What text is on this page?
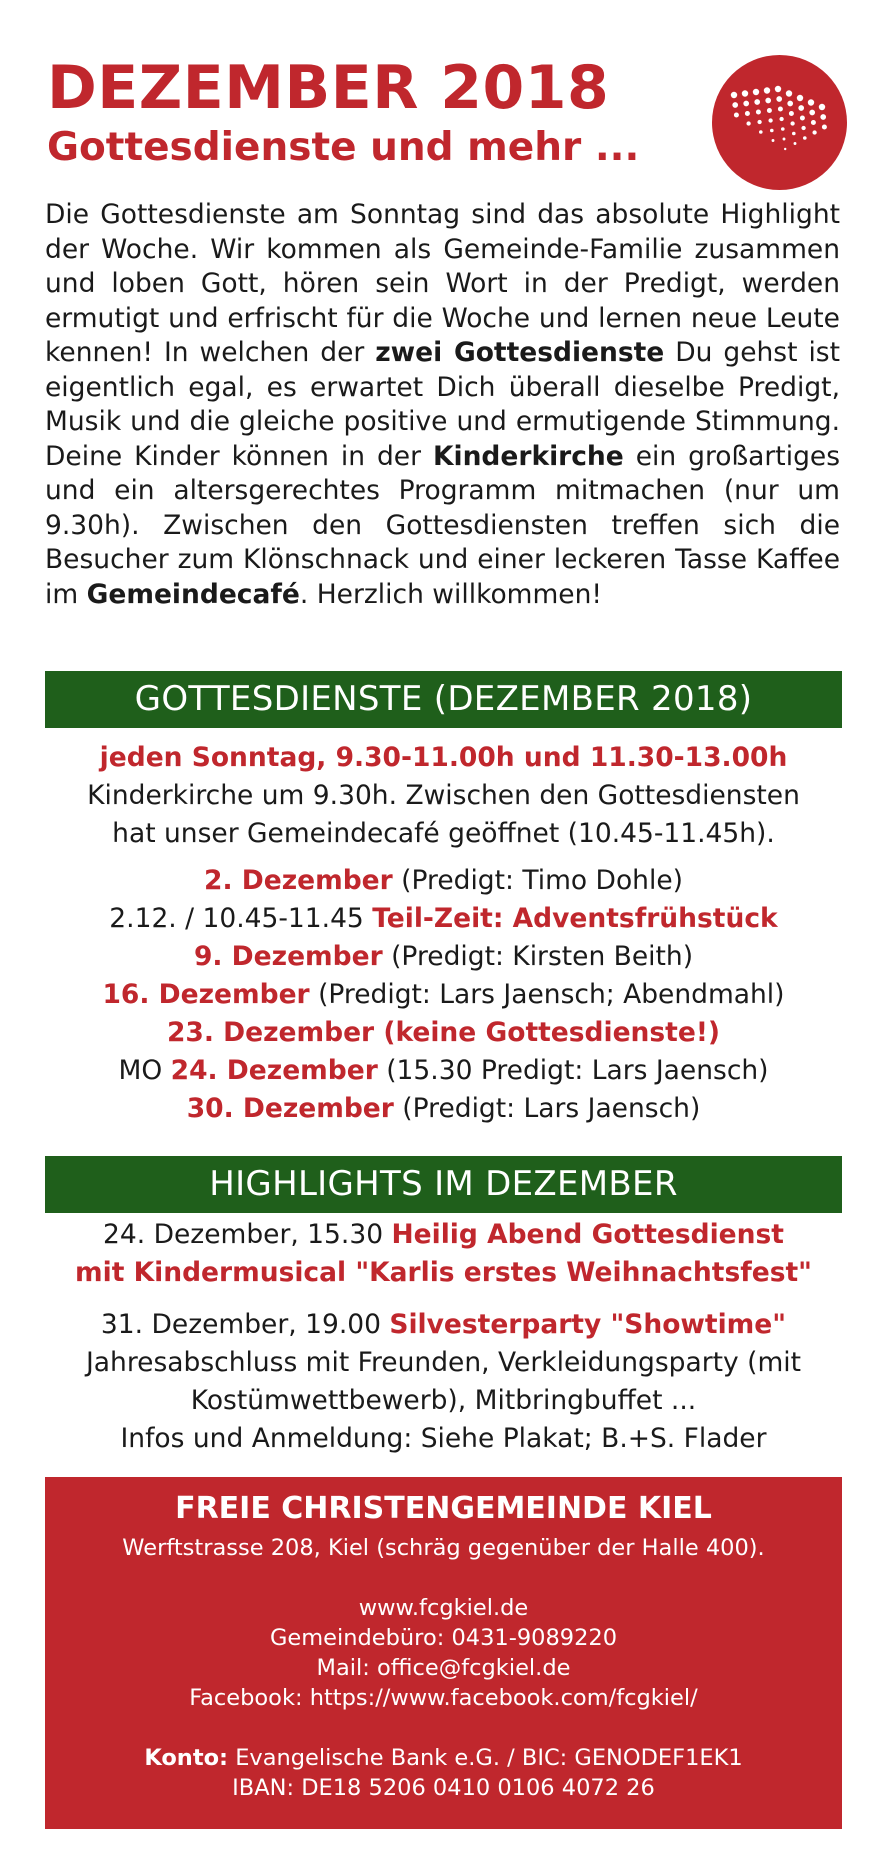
DEZEMBER 2018
Gottesdienste und mehr ...
Die Gottesdienste am Sonntag sind das absolute Highlight der Woche. Wir kommen als Gemeinde-Familie zusammen und loben Gott, hören sein Wort in der Predigt, werden ermutigt und erfrischt für die Woche und lernen neue Leute kennen! In welchen der zwei Gottesdienste Du gehst ist eigentlich egal, es erwartet Dich überall dieselbe Predigt, Musik und die gleiche positive und ermutigende Stimmung. Deine Kinder können in der Kinderkirche ein großartiges und ein altersgerechtes Programm mitmachen (nur um 9.30h). Zwischen den Gottesdiensten treffen sich die Besucher zum Klönschnack und einer leckeren Tasse Kaffee im Gemeindecafé. Herzlich willkommen!
GOTTESDIENSTE (DEZEMBER 2018)
jeden Sonntag, 9.30-11.00h und 11.30-13.00h
Kinderkirche um 9.30h. Zwischen den Gottesdiensten
hat unser Gemeindecafé geöffnet (10.45-11.45h).
2. Dezember (Predigt: Timo Dohle)
2.12. / 10.45-11.45 Teil-Zeit: Adventsfrühstück
9. Dezember (Predigt: Kirsten Beith)
16. Dezember (Predigt: Lars Jaensch; Abendmahl)
23. Dezember (keine Gottesdienste!)
MO 24. Dezember (15.30 Predigt: Lars Jaensch)
30. Dezember (Predigt: Lars Jaensch)
HIGHLIGHTS IM DEZEMBER
24. Dezember, 15.30 Heilig Abend Gottesdienst
mit Kindermusical "Karlis erstes Weihnachtsfest"
31. Dezember, 19.00 Silvesterparty "Showtime"
Jahresabschluss mit Freunden, Verkleidungsparty (mit
Kostümwettbewerb), Mitbringbuffet ...
Infos und Anmeldung: Siehe Plakat; B.+S. Flader
FREIE CHRISTENGEMEINDE KIEL
Werftstrasse 208, Kiel (schräg gegenüber der Halle 400).
www.fcgkiel.de
Gemeindebüro: 0431-9089220
Mail: office@fcgkiel.de
Facebook: https://www.facebook.com/fcgkiel/
Konto: Evangelische Bank e.G. / BIC: GENODEF1EK1
IBAN: DE18 5206 0410 0106 4072 26
